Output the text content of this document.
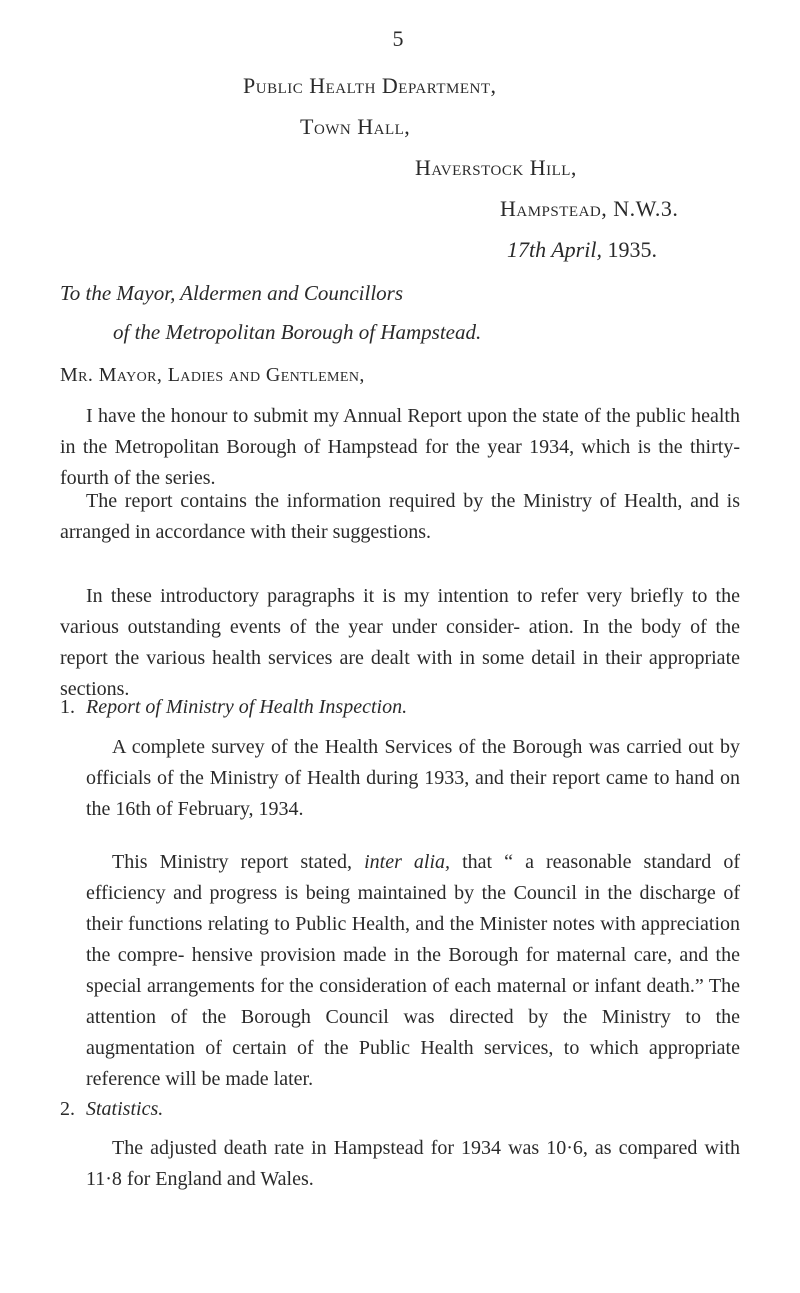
5
Public Health Department,
Town Hall,
Haverstock Hill,
Hampstead, N.W.3.
17th April, 1935.
To the Mayor, Aldermen and Councillors
of the Metropolitan Borough of Hampstead.
Mr. Mayor, Ladies and Gentlemen,

I have the honour to submit my Annual Report upon the state of the public health in the Metropolitan Borough of Hampstead for the year 1934, which is the thirty-fourth of the series.

The report contains the information required by the Ministry of Health, and is arranged in accordance with their suggestions.

In these introductory paragraphs it is my intention to refer very briefly to the various outstanding events of the year under consider- ation. In the body of the report the various health services are dealt with in some detail in their appropriate sections.

1. Report of Ministry of Health Inspection.

A complete survey of the Health Services of the Borough was carried out by officials of the Ministry of Health during 1933, and their report came to hand on the 16th of February, 1934.

This Ministry report stated, inter alia, that “ a reasonable standard of efficiency and progress is being maintained by the Council in the discharge of their functions relating to Public Health, and the Minister notes with appreciation the compre- hensive provision made in the Borough for maternal care, and the special arrangements for the consideration of each maternal or infant death.” The attention of the Borough Council was directed by the Ministry to the augmentation of certain of the Public Health services, to which appropriate reference will be made later.

2. Statistics.

The adjusted death rate in Hampstead for 1934 was 10·6, as compared with 11·8 for England and Wales.
